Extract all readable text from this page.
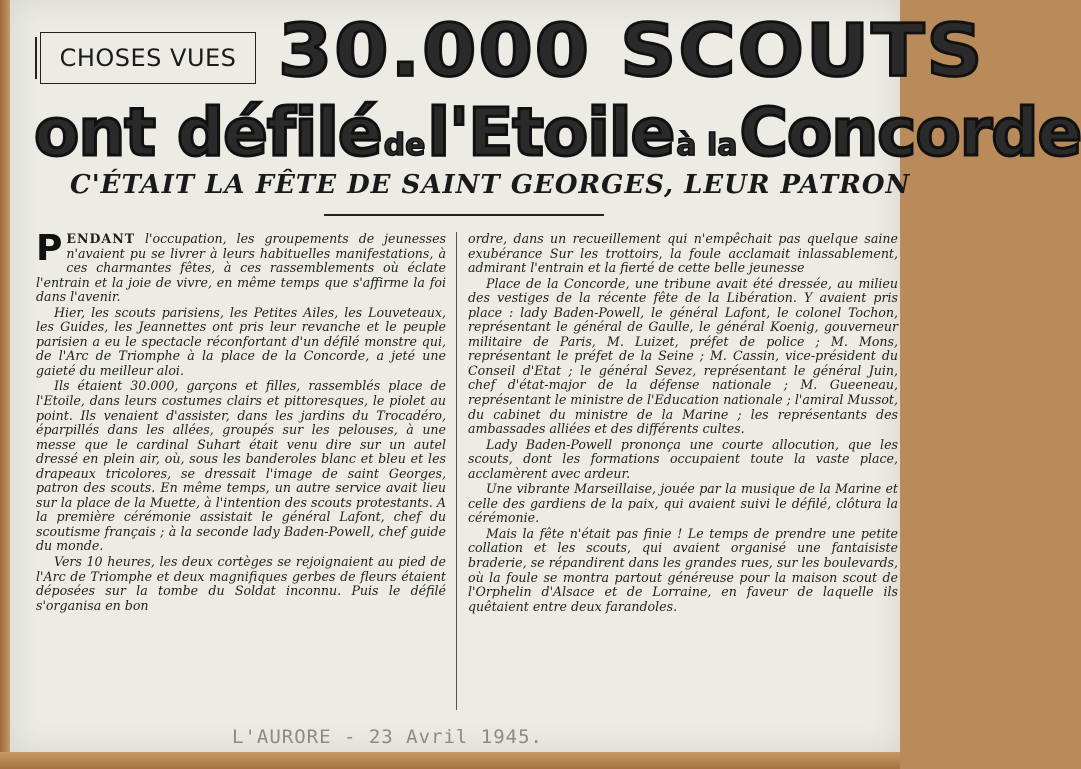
CHOSES VUES 30.000 SCOUTS
ont défilé de l'Etoile à la Concorde
C'ÉTAIT LA FÊTE DE SAINT GEORGES, LEUR PATRON

PENDANT l'occupation, les groupements de jeunesses n'avaient pu se livrer à leurs habituelles manifestations, à ces charmantes fêtes, à ces rassemblements où éclate l'entrain et la joie de vivre, en même temps que s'affirme la foi dans l'avenir.

Hier, les scouts parisiens, les Petites Ailes, les Louveteaux, les Guides, les Jeannettes ont pris leur revanche et le peuple parisien a eu le spectacle réconfortant d'un défilé monstre qui, de l'Arc de Triomphe à la place de la Concorde, a jeté une gaieté du meilleur aloi.

Ils étaient 30.000, garçons et filles, rassemblés place de l'Etoile, dans leurs costumes clairs et pittoresques, le piolet au point. Ils venaient d'assister, dans les jardins du Trocadéro, éparpillés dans les allées, groupés sur les pelouses, à une messe que le cardinal Suhart était venu dire sur un autel dressé en plein air, où, sous les banderoles blanc et bleu et les drapeaux tricolores, se dressait l'image de saint Georges, patron des scouts. En même temps, un autre service avait lieu sur la place de la Muette, à l'intention des scouts protestants. A la première cérémonie assistait le général Lafont, chef du scoutisme français ; à la seconde lady Baden-Powell, chef guide du monde.

Vers 10 heures, les deux cortèges se rejoignaient au pied de l'Arc de Triomphe et deux magnifiques gerbes de fleurs étaient déposées sur la tombe du Soldat inconnu. Puis le défilé s'organisa en bon

ordre, dans un recueillement qui n'empêchait pas quelque saine exubérance Sur les trottoirs, la foule acclamait inlassablement, admirant l'entrain et la fierté de cette belle jeunesse

Place de la Concorde, une tribune avait été dressée, au milieu des vestiges de la récente fête de la Libération. Y avaient pris place : lady Baden-Powell, le général Lafont, le colonel Tochon, représentant le général de Gaulle, le général Koenig, gouverneur militaire de Paris, M. Luizet, préfet de police ; M. Mons, représentant le préfet de la Seine ; M. Cassin, vice-président du Conseil d'Etat ; le général Sevez, représentant le général Juin, chef d'état-major de la défense nationale ; M. Gueeneau, représentant le ministre de l'Education nationale ; l'amiral Mussot, du cabinet du ministre de la Marine ; les représentants des ambassades alliées et des différents cultes.

Lady Baden-Powell prononça une courte allocution, que les scouts, dont les formations occupaient toute la vaste place, acclamèrent avec ardeur.

Une vibrante Marseillaise, jouée par la musique de la Marine et celle des gardiens de la paix, qui avaient suivi le défilé, clôtura la cérémonie.

Mais la fête n'était pas finie ! Le temps de prendre une petite collation et les scouts, qui avaient organisé une fantaisiste braderie, se répandirent dans les grandes rues, sur les boulevards, où la foule se montra partout généreuse pour la maison scout de l'Orphelin d'Alsace et de Lorraine, en faveur de laquelle ils quêtaient entre deux farandoles.

L'AURORE - 23 Avril 1945.
